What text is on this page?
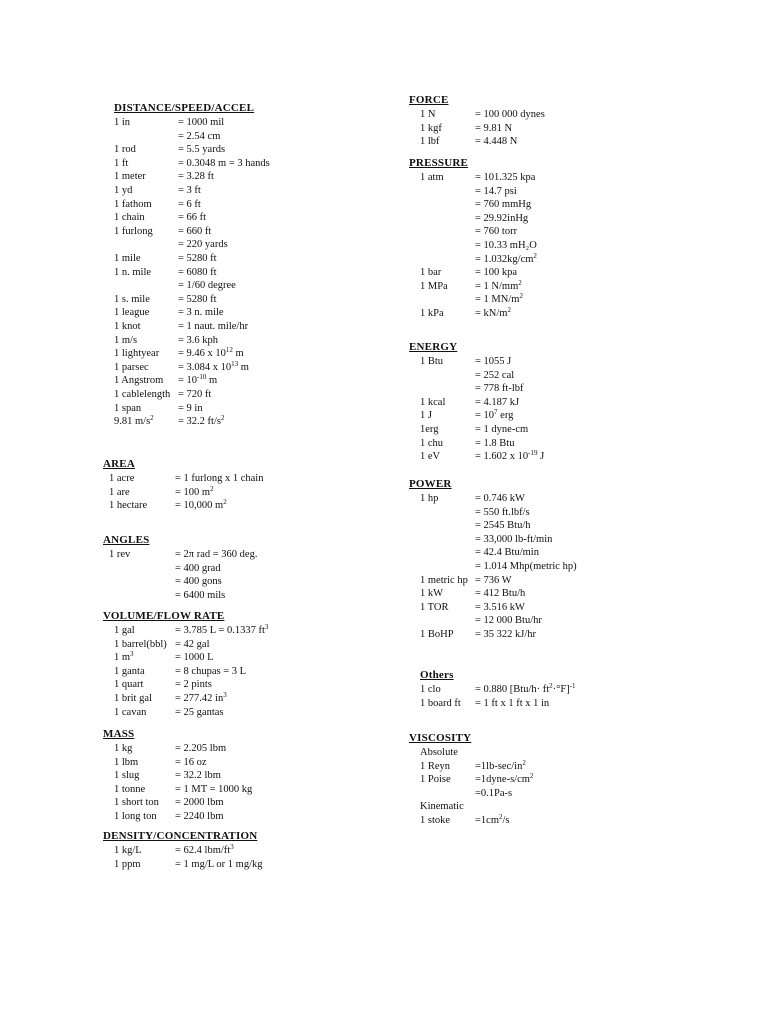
DISTANCE/SPEED/ACCEL
1 in	= 1000 mil
= 2.54 cm
1 rod	= 5.5 yards
1 ft	= 0.3048 m = 3 hands
1 meter	= 3.28 ft
1 yd	= 3 ft
1 fathom	= 6 ft
1 chain	= 66 ft
1 furlong = 660 ft
= 220 yards
1 mile	= 5280 ft
1 n. mile	= 6080 ft
= 1/60 degree
1 s. mile	= 5280 ft
1 league	= 3 n. mile
1 knot	= 1 naut. mile/hr
1 m/s	= 3.6 kph
1 lightyear = 9.46 x $10^{12}$ m
1 parsec	= 3.084 x $10^{13}$ m
1 Angstrom = $10^{-10}$ m
1 cablelength = 720 ft
1 span	= 9 in
9.81 $m/s^2 = 32.2$ $ft/s^2$
AREA
1 acre	= 1 furlong x 1 chain
1 are	= 100 $m^2$
1 hectare	= 10,000 $m^2$
ANGLES
1 rev	= 2π rad = 360 deg.
= 400 grad
= 400 gons
= 6400 mils
VOLUME/FLOW RATE
1 gal	= 3.785 L = 0.1337 $ft^3$
1 barrel(bbl) = 42 gal
1 $m^3$	= 1000 L
1 ganta	= 8 chupas = 3 L
1 quart	= 2 pints
1 brit gal = 277.42 $in^3$
1 cavan	= 25 gantas
MASS
1 kg	= 2.205 lbm
1 lbm	= 16 oz
1 slug	= 32.2 lbm
1 tonne	= 1 MT = 1000 kg
1 short ton = 2000 lbm
1 long ton = 2240 lbm
DENSITY/CONCENTRATION
1 kg/L	= 62.4 lbm/$ft^3$
1 ppm	= 1 mg/L or 1 mg/kg
FORCE
1 N	= 100 000 dynes
1 kgf	= 9.81 N
1 lbf	= 4.448 N
PRESSURE
1 atm	= 101.325 kpa
= 14.7 psi
= 760 mmHg
= 29.92inHg
= 760 torr
= 10.33 mH₂O
= $1.032kg/cm^2$
1 bar	= 100 kpa
1 MPa	= 1 $N/mm^2$
= 1 $MN/m^2$
1 kPa	= $kN/m^2$
ENERGY
1 Btu	= 1055 J
= 252 cal
= 778 ft-lbf
1 kcal	= 4.187 kJ
1 J	= $10^7$ erg
1erg	= 1 dyne-cm
1 chu	= 1.8 Btu
1 eV	= 1.602 x $10^{-19}$ J
POWER
1 hp	= 0.746 kW
= 550 ft.lbf/s
= 2545 Btu/h
= 33,000 lb-ft/min
= 42.4 Btu/min
= 1.014 Mhp(metric hp)
1 metric hp = 736 W
1 kW	= 412 Btu/h
1 TOR	= 3.516 kW
= 12 000 Btu/hr
1 BoHP = 35 322 kJ/hr
Others
1 clo	= 0.880 $[Btu/h\cdot ft^2\cdot^\circ F]^{-1}$
1 board ft = 1 ft x 1 ft x 1 in
VISCOSITY
Absolute
1 Reyn $=1lb-\sec/in^2$
1 Poise $=1dyne-s/cm^2$
=0.1Pa-s
Kinematic
1 stoke $=1cm^2/s$
